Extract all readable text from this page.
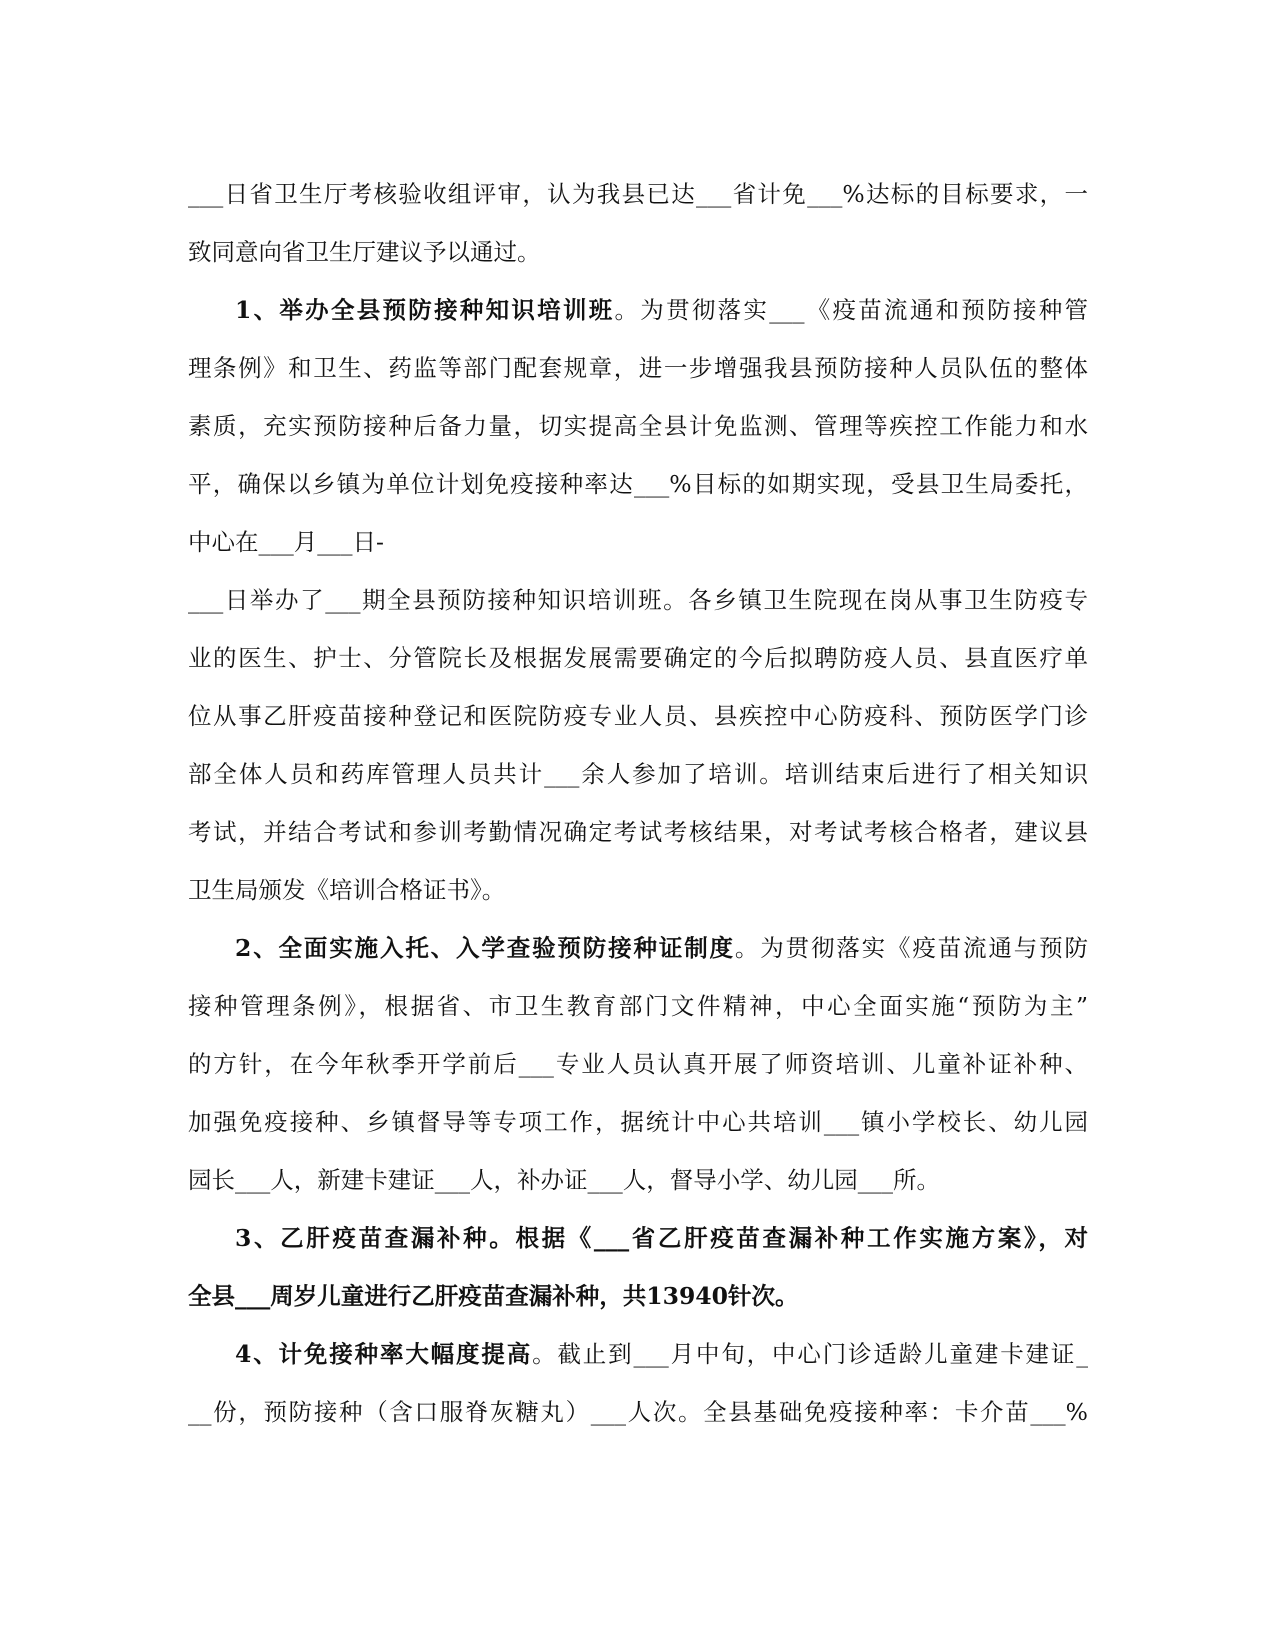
___日省卫生厅考核验收组评审，认为我县已达___省计免___%达标的目标要求，一
致同意向省卫生厅建议予以通过。
1、举办全县预防接种知识培训班。为贯彻落实___《疫苗流通和预防接种管
理条例》和卫生、药监等部门配套规章，进一步增强我县预防接种人员队伍的整体
素质，充实预防接种后备力量，切实提高全县计免监测、管理等疾控工作能力和水
平，确保以乡镇为单位计划免疫接种率达___%目标的如期实现，受县卫生局委托，
中心在___月___日-
___日举办了___期全县预防接种知识培训班。各乡镇卫生院现在岗从事卫生防疫专
业的医生、护士、分管院长及根据发展需要确定的今后拟聘防疫人员、县直医疗单
位从事乙肝疫苗接种登记和医院防疫专业人员、县疾控中心防疫科、预防医学门诊
部全体人员和药库管理人员共计___余人参加了培训。培训结束后进行了相关知识
考试，并结合考试和参训考勤情况确定考试考核结果，对考试考核合格者，建议县
卫生局颁发《培训合格证书》。
2、全面实施入托、入学查验预防接种证制度。为贯彻落实《疫苗流通与预防
接种管理条例》，根据省、市卫生教育部门文件精神，中心全面实施“预防为主”
的方针，在今年秋季开学前后___专业人员认真开展了师资培训、儿童补证补种、
加强免疫接种、乡镇督导等专项工作，据统计中心共培训___镇小学校长、幼儿园
园长___人，新建卡建证___人，补办证___人，督导小学、幼儿园___所。
3、乙肝疫苗查漏补种。根据《___省乙肝疫苗查漏补种工作实施方案》，对
全县___周岁儿童进行乙肝疫苗查漏补种，共13940针次。
4、计免接种率大幅度提高。截止到___月中旬，中心门诊适龄儿童建卡建证_
__份，预防接种（含口服脊灰糖丸）___人次。全县基础免疫接种率：卡介苗___%
